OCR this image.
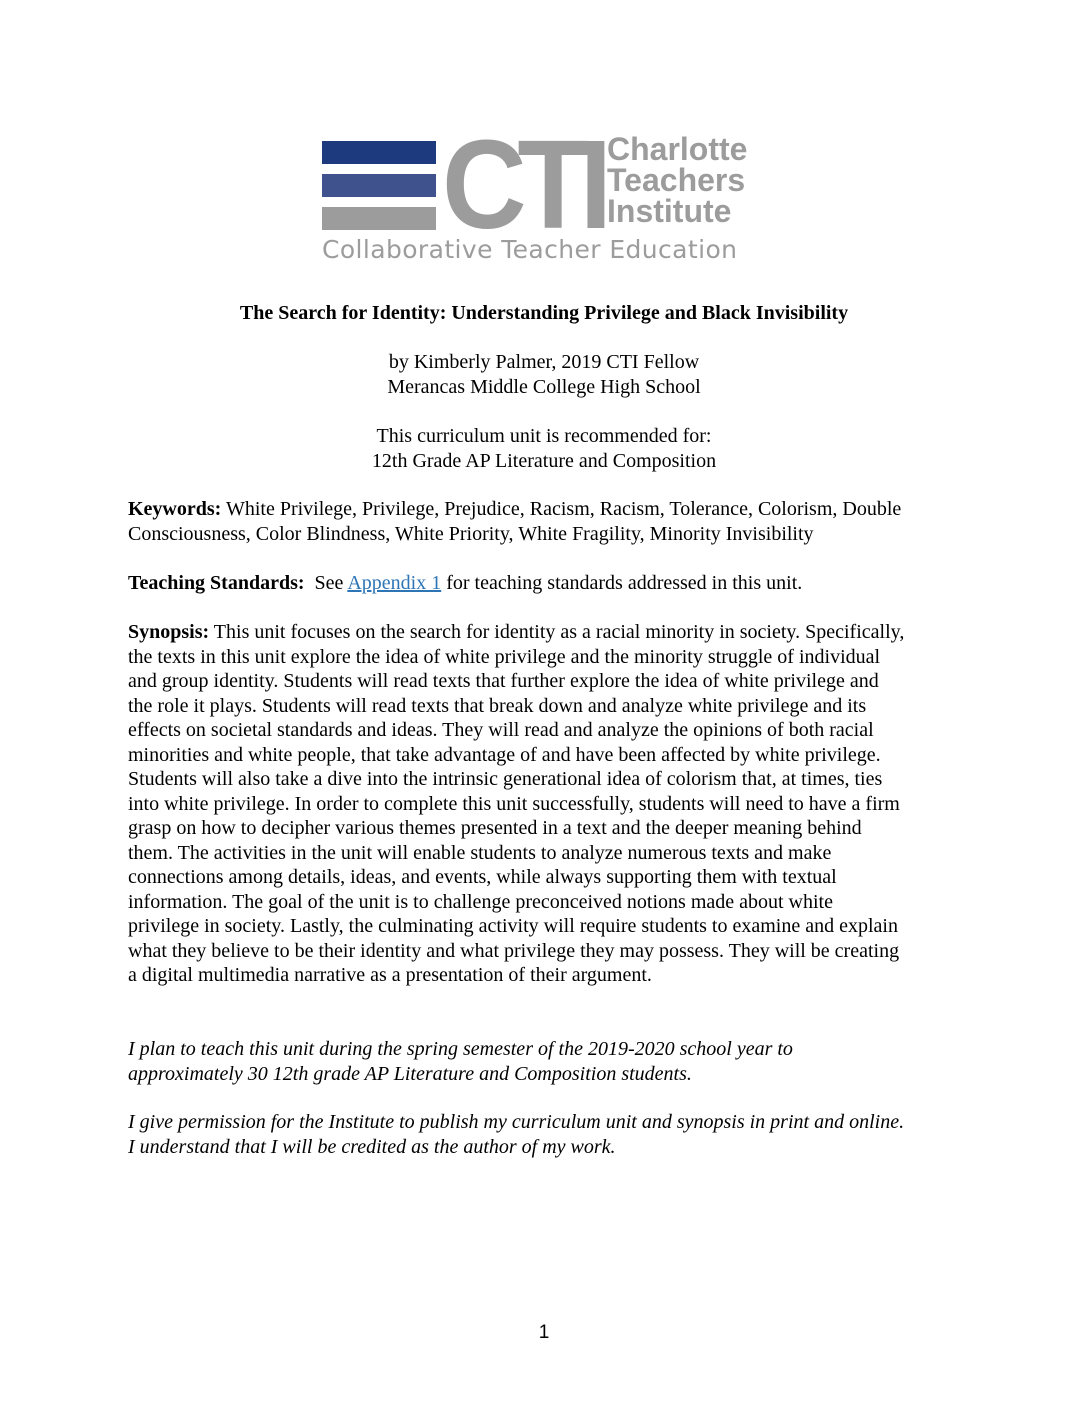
CTI Charlotte
Teachers
Institute
Collaborative Teacher Education
The Search for Identity: Understanding Privilege and Black Invisibility
by Kimberly Palmer, 2019 CTI Fellow
Merancas Middle College High School
This curriculum unit is recommended for:
12th Grade AP Literature and Composition
Keywords: White Privilege, Privilege, Prejudice, Racism, Racism, Tolerance, Colorism, Double
Consciousness, Color Blindness, White Priority, White Fragility, Minority Invisibility
Teaching Standards:  See Appendix 1 for teaching standards addressed in this unit.
Synopsis: This unit focuses on the search for identity as a racial minority in society. Specifically,
the texts in this unit explore the idea of white privilege and the minority struggle of individual
and group identity. Students will read texts that further explore the idea of white privilege and
the role it plays. Students will read texts that break down and analyze white privilege and its
effects on societal standards and ideas. They will read and analyze the opinions of both racial
minorities and white people, that take advantage of and have been affected by white privilege.
Students will also take a dive into the intrinsic generational idea of colorism that, at times, ties
into white privilege. In order to complete this unit successfully, students will need to have a firm
grasp on how to decipher various themes presented in a text and the deeper meaning behind
them. The activities in the unit will enable students to analyze numerous texts and make
connections among details, ideas, and events, while always supporting them with textual
information. The goal of the unit is to challenge preconceived notions made about white
privilege in society. Lastly, the culminating activity will require students to examine and explain
what they believe to be their identity and what privilege they may possess. They will be creating
a digital multimedia narrative as a presentation of their argument.
I plan to teach this unit during the spring semester of the 2019-2020 school year to
approximately 30 12th grade AP Literature and Composition students.
I give permission for the Institute to publish my curriculum unit and synopsis in print and online.
I understand that I will be credited as the author of my work.
1
